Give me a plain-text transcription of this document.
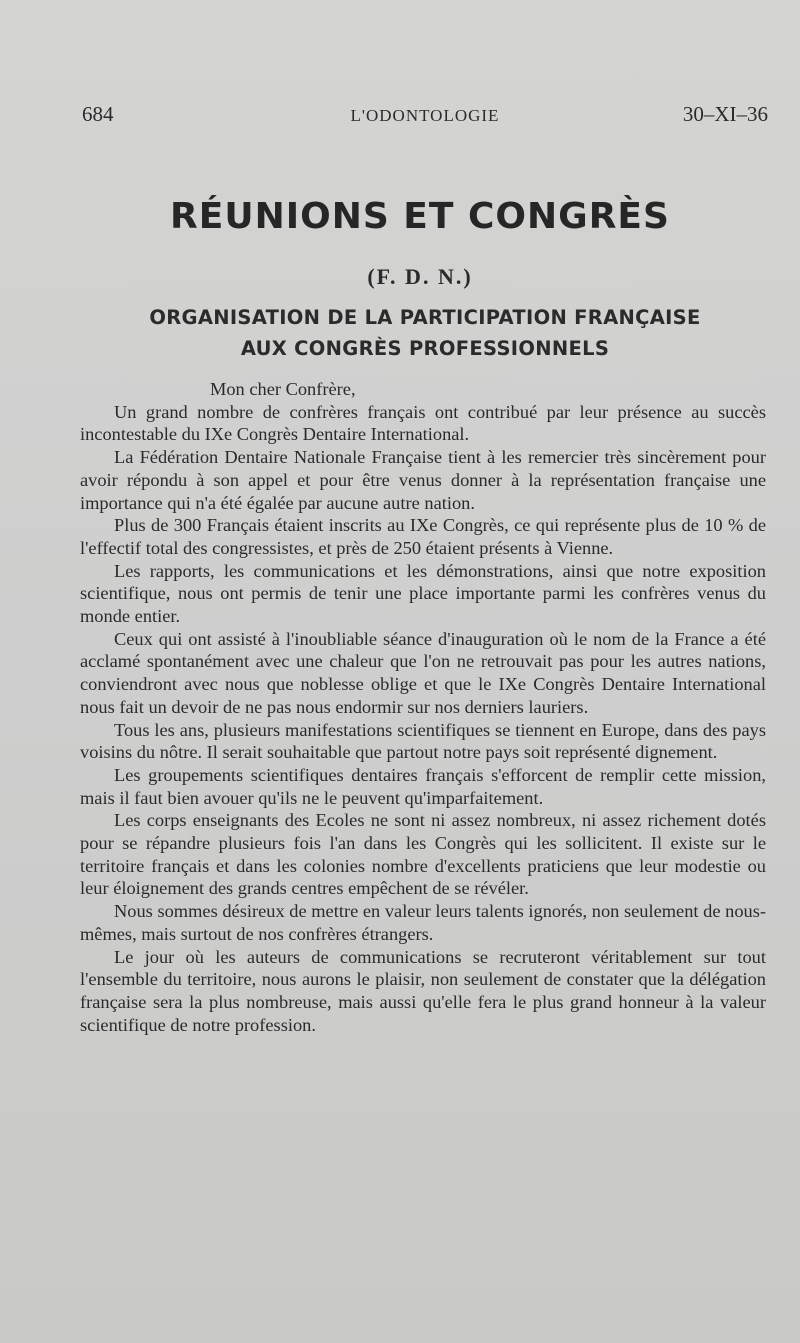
684	L'ODONTOLOGIE	30–XI–36
RÉUNIONS ET CONGRÈS
(F. D. N.)
ORGANISATION DE LA PARTICIPATION FRANÇAISE
AUX CONGRÈS PROFESSIONNELS

Mon cher Confrère,

Un grand nombre de confrères français ont contribué par leur présence au succès incontestable du IXe Congrès Dentaire International.

La Fédération Dentaire Nationale Française tient à les remercier très sincèrement pour avoir répondu à son appel et pour être venus donner à la représentation française une importance qui n'a été égalée par aucune autre nation.

Plus de 300 Français étaient inscrits au IXe Congrès, ce qui représente plus de 10 % de l'effectif total des congressistes, et près de 250 étaient présents à Vienne.

Les rapports, les communications et les démonstrations, ainsi que notre exposition scientifique, nous ont permis de tenir une place importante parmi les confrères venus du monde entier.

Ceux qui ont assisté à l'inoubliable séance d'inauguration où le nom de la France a été acclamé spontanément avec une chaleur que l'on ne retrouvait pas pour les autres nations, conviendront avec nous que noblesse oblige et que le IXe Congrès Dentaire International nous fait un devoir de ne pas nous endormir sur nos derniers lauriers.

Tous les ans, plusieurs manifestations scientifiques se tiennent en Europe, dans des pays voisins du nôtre. Il serait souhaitable que partout notre pays soit représenté dignement.

Les groupements scientifiques dentaires français s'efforcent de remplir cette mission, mais il faut bien avouer qu'ils ne le peuvent qu'imparfaitement.

Les corps enseignants des Ecoles ne sont ni assez nombreux, ni assez richement dotés pour se répandre plusieurs fois l'an dans les Congrès qui les sollicitent. Il existe sur le territoire français et dans les colonies nombre d'excellents praticiens que leur modestie ou leur éloignement des grands centres empêchent de se révéler.

Nous sommes désireux de mettre en valeur leurs talents ignorés, non seulement de nous-mêmes, mais surtout de nos confrères étrangers.

Le jour où les auteurs de communications se recruteront véritablement sur tout l'ensemble du territoire, nous aurons le plaisir, non seulement de constater que la délégation française sera la plus nombreuse, mais aussi qu'elle fera le plus grand honneur à la valeur scientifique de notre profession.
